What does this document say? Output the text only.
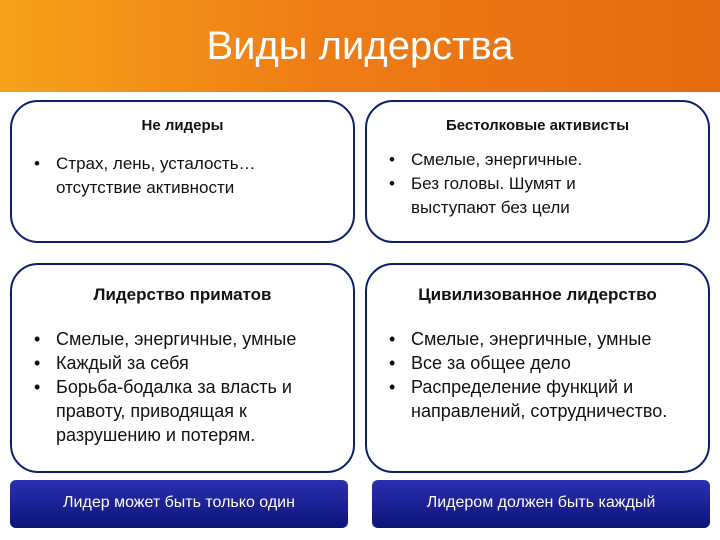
Виды лидерства
Не лидеры
• Страх, лень, усталость… отсутствие активности
Бестолковые активисты
• Смелые, энергичные.
• Без головы. Шумят и выступают без цели
Лидерство приматов
• Смелые, энергичные, умные
• Каждый за себя
• Борьба-бодалка за власть и правоту, приводящая к разрушению и потерям.
Цивилизованное лидерство
• Смелые, энергичные, умные
• Все за общее дело
• Распределение функций и направлений, сотрудничество.
Лидер может быть только один	Лидером должен быть каждый
